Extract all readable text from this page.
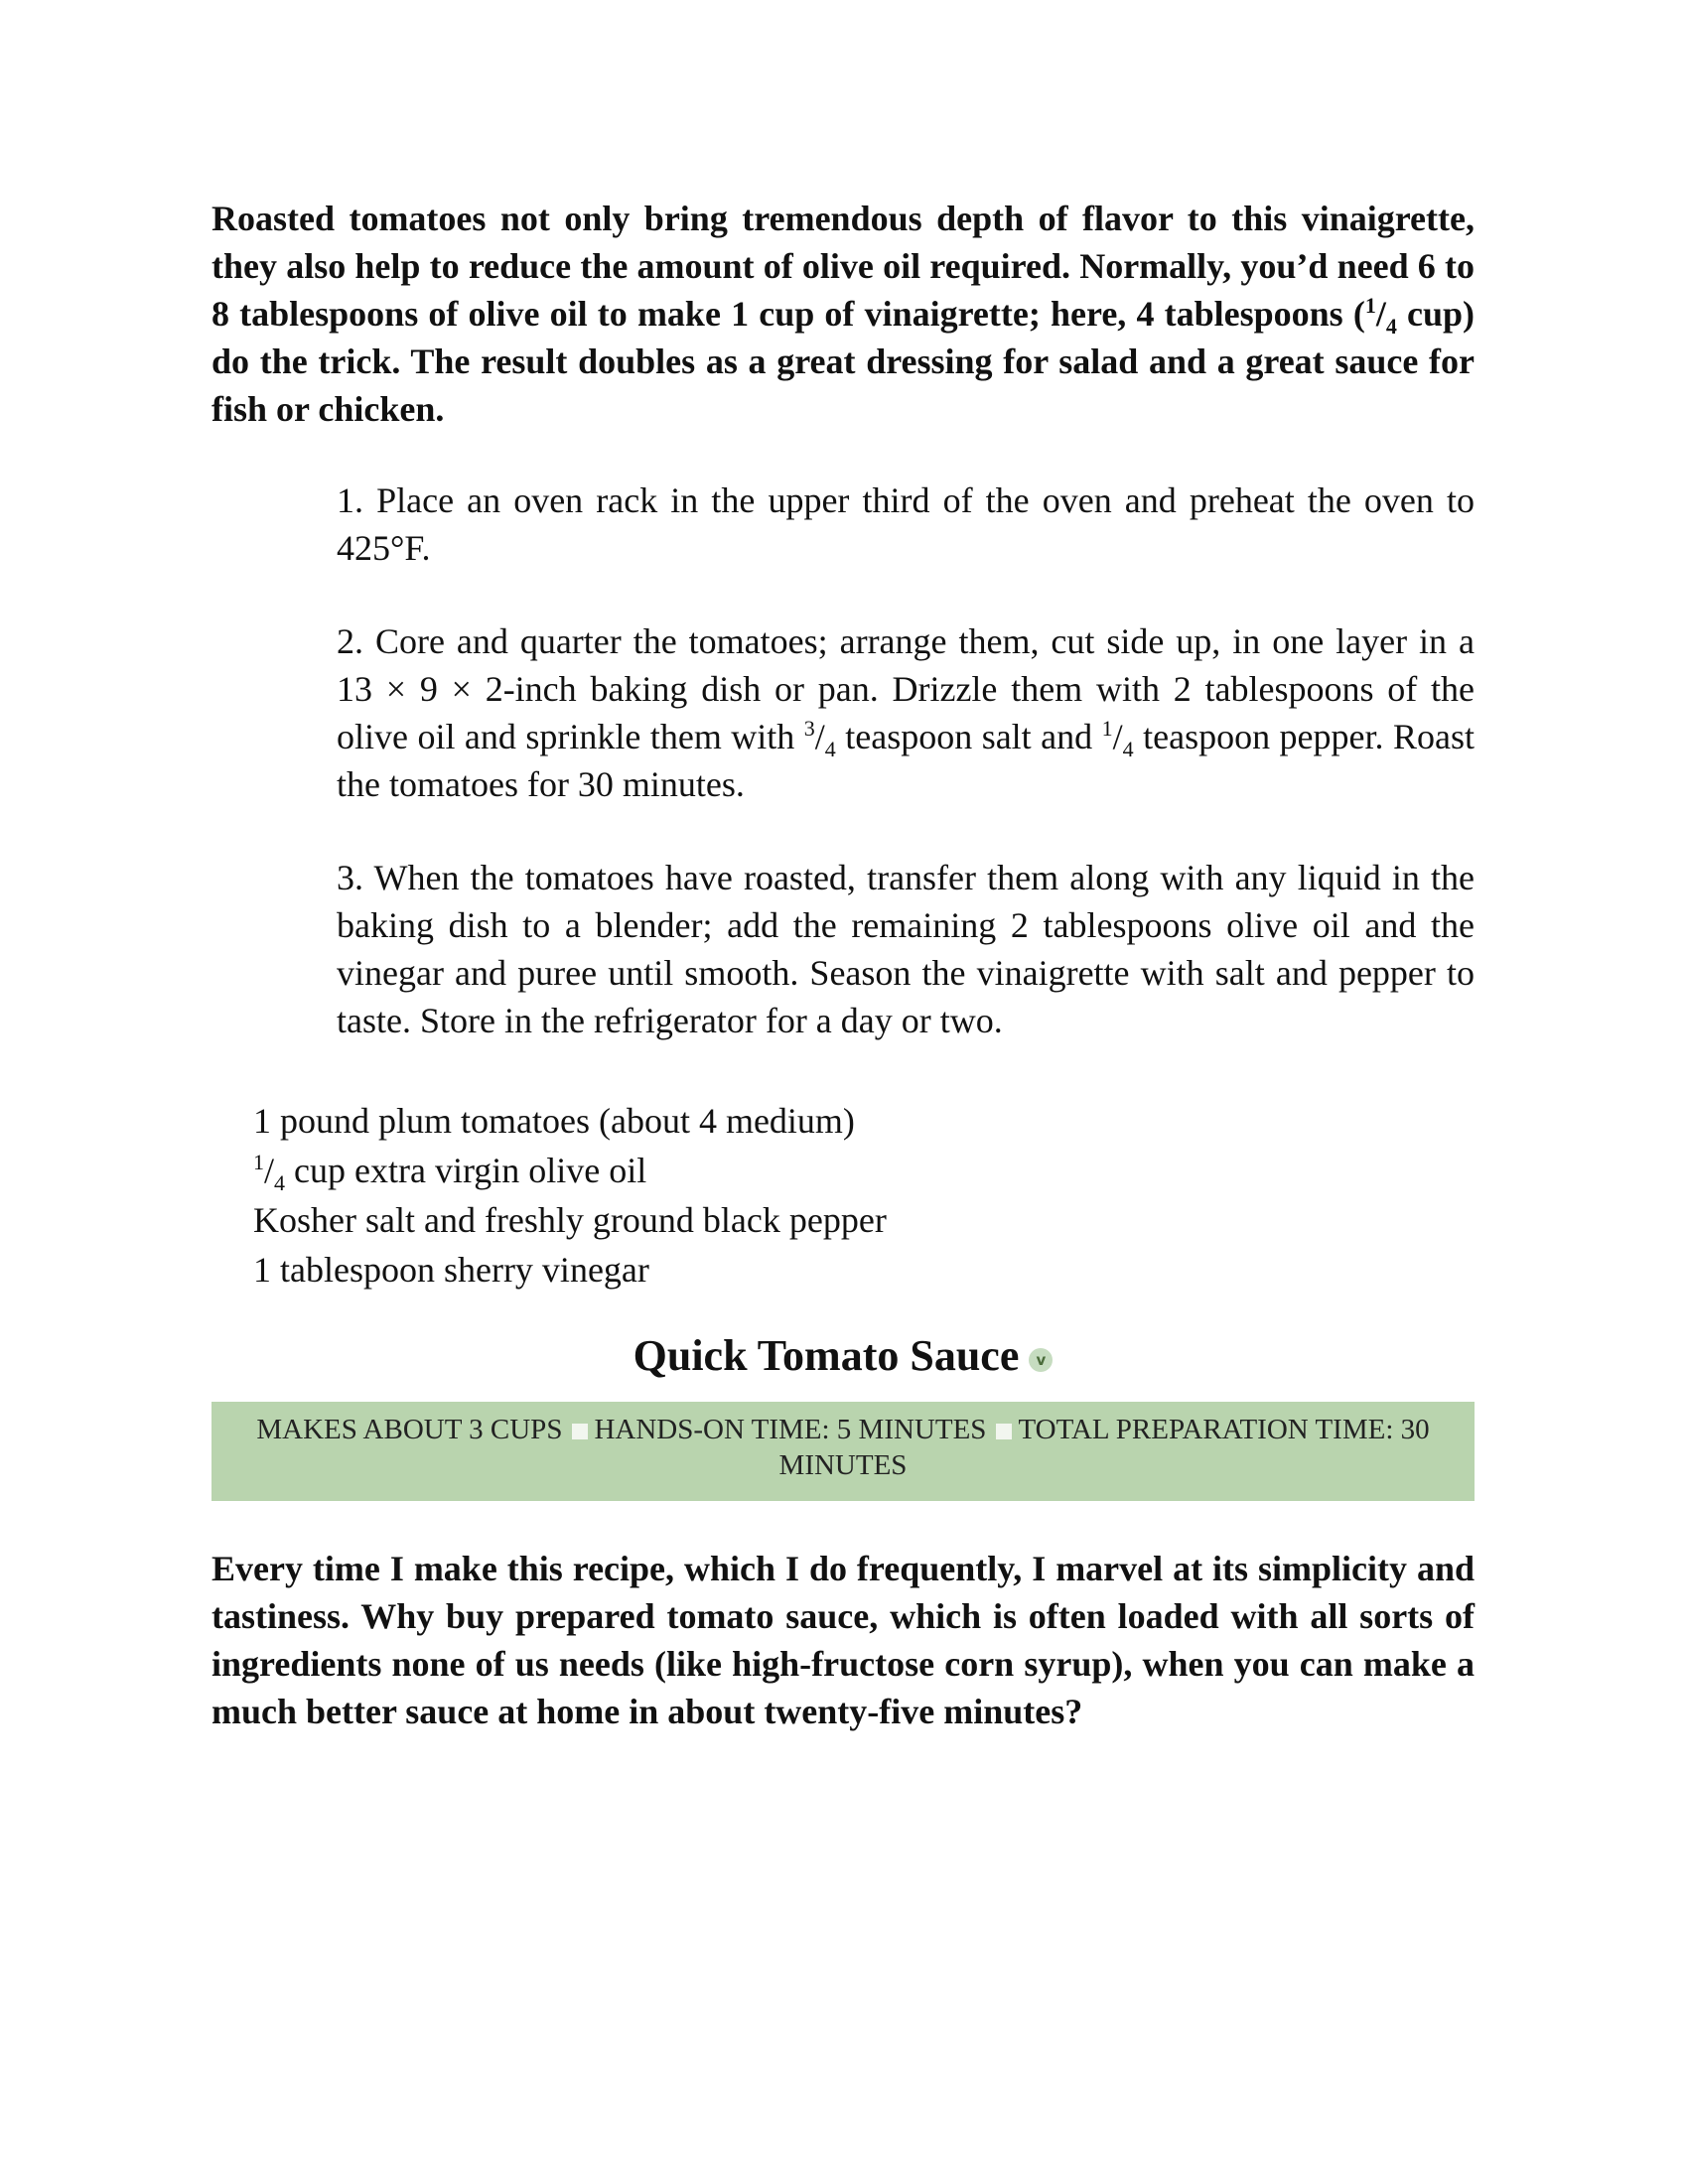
Roasted tomatoes not only bring tremendous depth of flavor to this vinaigrette, they also help to reduce the amount of olive oil required. Normally, you’d need 6 to 8 tablespoons of olive oil to make 1 cup of vinaigrette; here, 4 tablespoons ($^1/_4$ cup) do the trick. The result doubles as a great dressing for salad and a great sauce for fish or chicken.

1. Place an oven rack in the upper third of the oven and preheat the oven to 425°F.

2. Core and quarter the tomatoes; arrange them, cut side up, in one layer in a 13 × 9 × 2-inch baking dish or pan. Drizzle them with 2 tablespoons of the olive oil and sprinkle them with $^3/_4$ teaspoon salt and $^1/_4$ teaspoon pepper. Roast the tomatoes for 30 minutes.

3. When the tomatoes have roasted, transfer them along with any liquid in the baking dish to a blender; add the remaining 2 tablespoons olive oil and the vinegar and puree until smooth. Season the vinaigrette with salt and pepper to taste. Store in the refrigerator for a day or two.

1 pound plum tomatoes (about 4 medium)
$^1/_4$ cup extra virgin olive oil
Kosher salt and freshly ground black pepper
1 tablespoon sherry vinegar
Quick Tomato Sauce v
MAKES ABOUT 3 CUPS HANDS-ON TIME: 5 MINUTES TOTAL PREPARATION TIME: 30 MINUTES

Every time I make this recipe, which I do frequently, I marvel at its simplicity and tastiness. Why buy prepared tomato sauce, which is often loaded with all sorts of ingredients none of us needs (like high-fructose corn syrup), when you can make a much better sauce at home in about twenty-five minutes?
